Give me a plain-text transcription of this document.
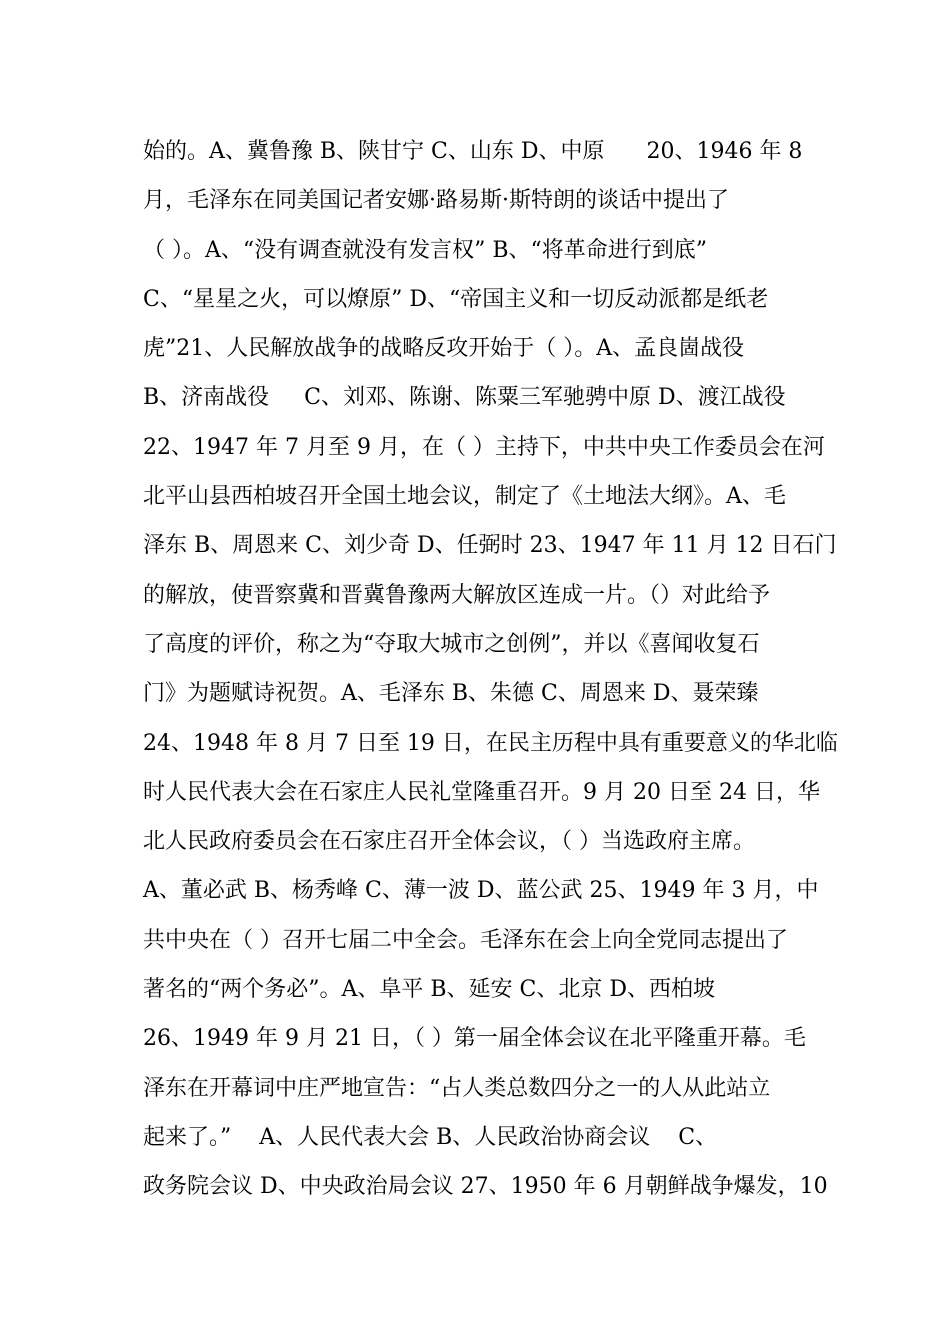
始的。A、冀鲁豫 B、陕甘宁 C、山东 D、中原      20、1946 年 8
月，毛泽东在同美国记者安娜·路易斯·斯特朗的谈话中提出了
（ ）。A、“没有调查就没有发言权” B、“将革命进行到底”
C、“星星之火，可以燎原” D、“帝国主义和一切反动派都是纸老
虎”21、人民解放战争的战略反攻开始于（ ）。A、孟良崮战役
B、济南战役     C、刘邓、陈谢、陈粟三军驰骋中原 D、渡江战役
22、1947 年 7 月至 9 月，在（ ）主持下，中共中央工作委员会在河
北平山县西柏坡召开全国土地会议，制定了《土地法大纲》。A、毛
泽东 B、周恩来 C、刘少奇 D、任弼时 23、1947 年 11 月 12 日石门
的解放，使晋察冀和晋冀鲁豫两大解放区连成一片。（）对此给予
了高度的评价，称之为“夺取大城市之创例”，并以《喜闻收复石
门》为题赋诗祝贺。A、毛泽东 B、朱德 C、周恩来 D、聂荣臻
24、1948 年 8 月 7 日至 19 日，在民主历程中具有重要意义的华北临
时人民代表大会在石家庄人民礼堂隆重召开。9 月 20 日至 24 日，华
北人民政府委员会在石家庄召开全体会议，（ ）当选政府主席。
A、董必武 B、杨秀峰 C、薄一波 D、蓝公武 25、1949 年 3 月，中
共中央在（ ）召开七届二中全会。毛泽东在会上向全党同志提出了
著名的“两个务必”。A、阜平 B、延安 C、北京 D、西柏坡
26、1949 年 9 月 21 日，（ ）第一届全体会议在北平隆重开幕。毛
泽东在开幕词中庄严地宣告：“占人类总数四分之一的人从此站立
起来了。”    A、人民代表大会 B、人民政治协商会议    C、
政务院会议 D、中央政治局会议 27、1950 年 6 月朝鲜战争爆发，10
